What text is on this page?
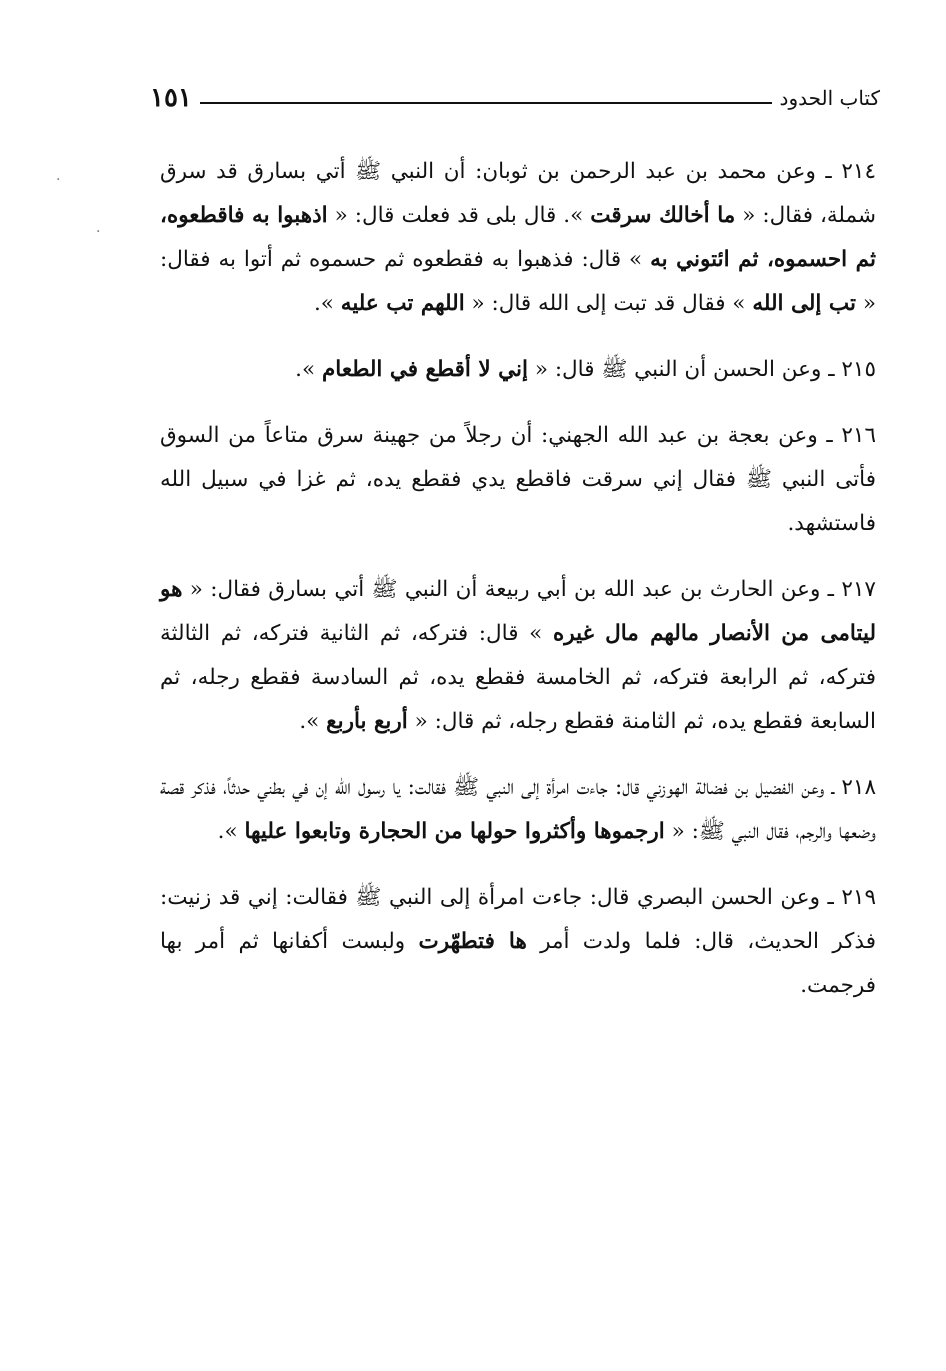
كتاب الحدود
١٥١

٢١٤ ـ وعن محمد بن عبد الرحمن بن ثوبان: أن النبي ﷺ أتي بسارق قد سرق شملة، فقال: « ما أخالك سرقت ». قال بلى قد فعلت قال: « اذهبوا به فاقطعوه، ثم احسموه، ثم ائتوني به » قال: فذهبوا به فقطعوه ثم حسموه ثم أتوا به فقال: « تب إلى الله » فقال قد تبت إلى الله قال: « اللهم تب عليه ».

٢١٥ ـ وعن الحسن أن النبي ﷺ قال: « إني لا أقطع في الطعام ».

٢١٦ ـ وعن بعجة بن عبد الله الجهني: أن رجلاً من جهينة سرق متاعاً من السوق فأتى النبي ﷺ فقال إني سرقت فاقطع يدي فقطع يده، ثم غزا في سبيل الله فاستشهد.

٢١٧ ـ وعن الحارث بن عبد الله بن أبي ربيعة أن النبي ﷺ أتي بسارق فقال: « هو ليتامى من الأنصار مالهم مال غيره » قال: فتركه، ثم الثانية فتركه، ثم الثالثة فتركه، ثم الرابعة فتركه، ثم الخامسة فقطع يده، ثم السادسة فقطع رجله، ثم السابعة فقطع يده، ثم الثامنة فقطع رجله، ثم قال: « أربع بأربع ».

٢١٨ ـ وعن الفضيل بن فضالة الهوزني قال: جاءت امرأة إلى النبي ﷺ فقالت: يا رسول الله إن في بطني حدثاً، فذكر قصة وضعها والرجم، فقال النبي ﷺ: « ارجموها وأكثروا حولها من الحجارة وتابعوا عليها ».

٢١٩ ـ وعن الحسن البصري قال: جاءت امرأة إلى النبي ﷺ فقالت: إني قد زنيت: فذكر الحديث، قال: فلما ولدت أمر ها فتطهّرت ولبست أكفانها ثم أمر بها فرجمت.

·
·
